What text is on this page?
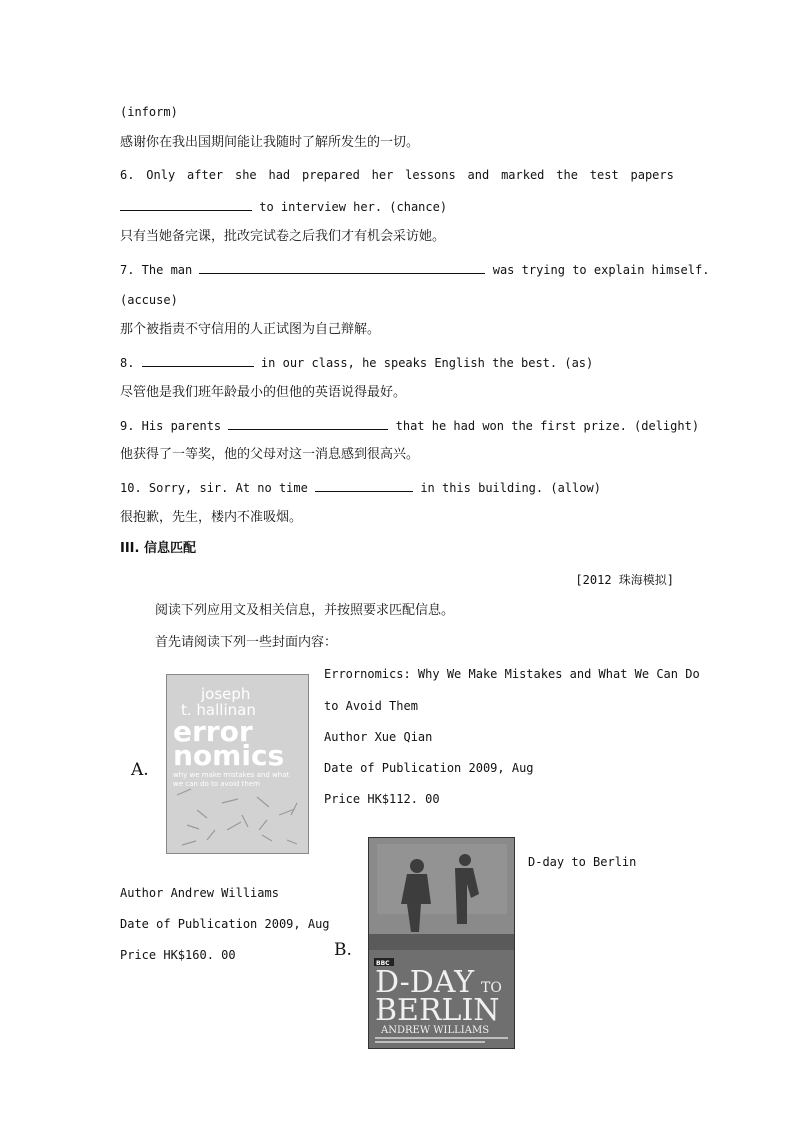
(inform)
感谢你在我出国期间能让我随时了解所发生的一切。
6. Only after she had prepared her lessons and marked the test papers
to interview her. (chance)
只有当她备完课，批改完试卷之后我们才有机会采访她。
7. The man	was trying to explain himself.
(accuse)
那个被指责不守信用的人正试图为自己辩解。
8.	in our class, he speaks English the best. (as)
尽管他是我们班年龄最小的但他的英语说得最好。
9. His parents	that he had won the first prize. (delight)
他获得了一等奖，他的父母对这一消息感到很高兴。
10. Sorry, sir. At no time	in this building. (allow)
很抱歉，先生，楼内不准吸烟。
III. 信息匹配
[2012 珠海模拟]
阅读下列应用文及相关信息，并按照要求匹配信息。
首先请阅读下列一些封面内容：
A.
joseph
t. hallinan
error
nomics
why we make mistakes and what
we can do to avoid them
Errornomics: Why We Make Mistakes and What We Can Do
to Avoid Them
Author Xue Qian
Date of Publication 2009, Aug
Price HK$112. 00
D-day to Berlin
Author Andrew Williams
Date of Publication 2009, Aug
Price HK$160. 00	B.
BBC
D-DAY TO
BERLIN
ANDREW WILLIAMS
